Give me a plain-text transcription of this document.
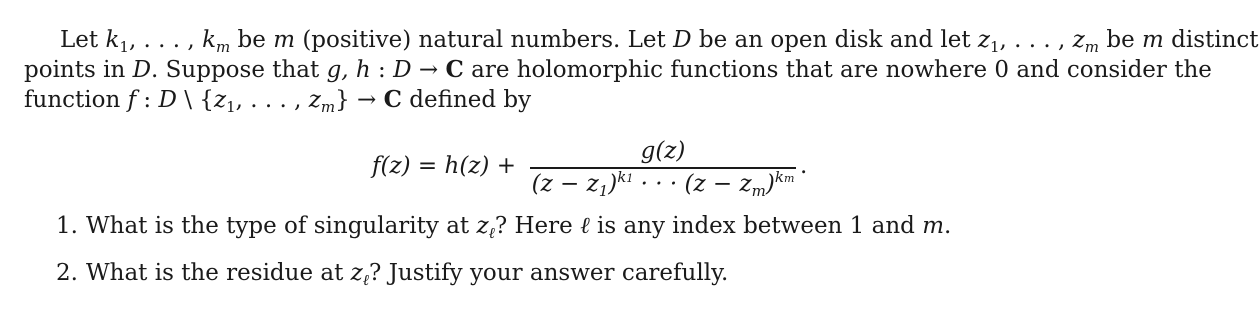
Let $k_1$, . . . , $k_m$ be m (positive) natural numbers. Let D be an open disk and let $z_1$, . . . , $z_m$ be m distinct
points in D. Suppose that g, h : D → C are holomorphic functions that are nowhere 0 and consider the
function f : D \ {$z_1$, . . . , $z_m\} \to C$ defined by
f(z) = h(z) +
g(z)
$(z - z_1)^{k1}$ · · · $(z - z_m)^{km}$ .
1. What is the type of singularity at $z_\ell$? Here ℓ is any index between 1 and m.
2. What is the residue at $z_\ell$? Justify your answer carefully.
